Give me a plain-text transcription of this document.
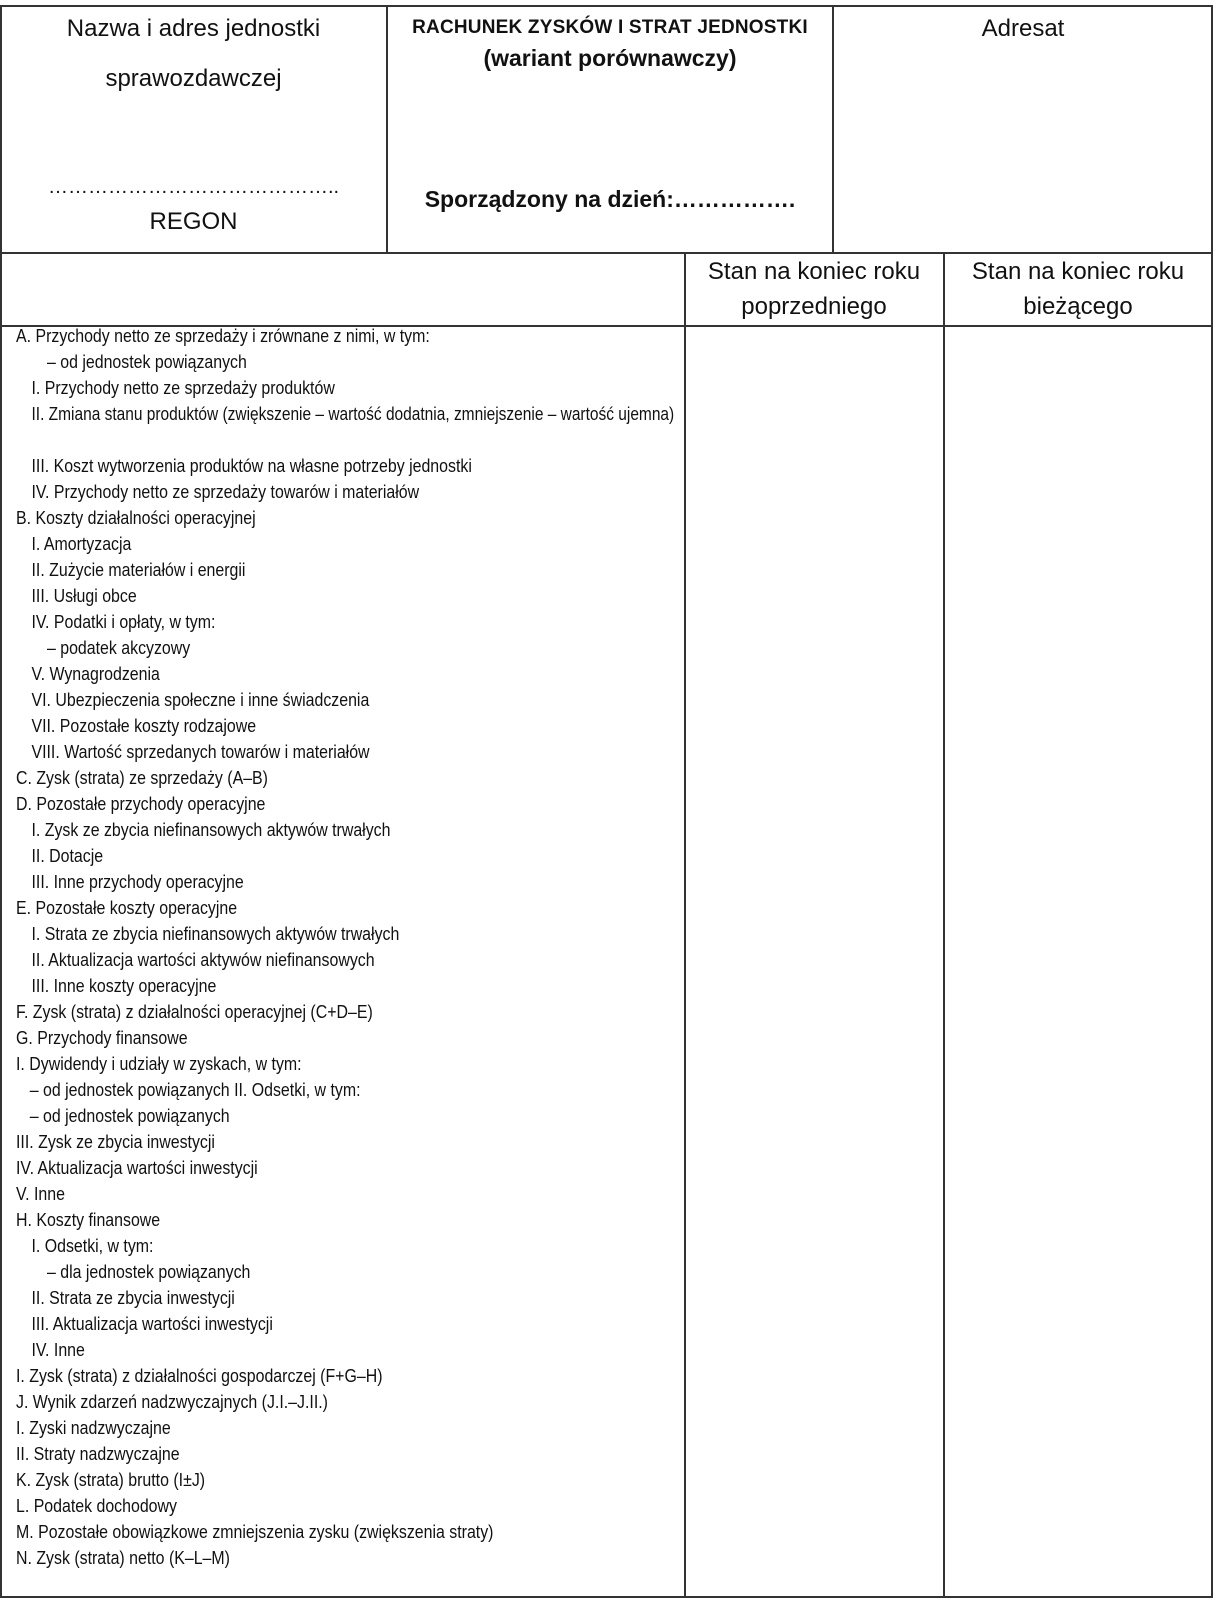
Nazwa i adres jednostki
sprawozdawczej
……………………………………..
REGON
RACHUNEK ZYSKÓW I STRAT JEDNOSTKI
(wariant porównawczy)
Sporządzony na dzień:…………….
Adresat
Stan na koniec roku
poprzedniego
Stan na koniec roku
bieżącego
A. Przychody netto ze sprzedaży i zrównane z nimi, w tym:
– od jednostek powiązanych
I. Przychody netto ze sprzedaży produktów
II. Zmiana stanu produktów (zwiększenie – wartość dodatnia, zmniejszenie – wartość ujemna)
III. Koszt wytworzenia produktów na własne potrzeby jednostki
IV. Przychody netto ze sprzedaży towarów i materiałów
B. Koszty działalności operacyjnej
I. Amortyzacja
II. Zużycie materiałów i energii
III. Usługi obce
IV. Podatki i opłaty, w tym:
– podatek akcyzowy
V. Wynagrodzenia
VI. Ubezpieczenia społeczne i inne świadczenia
VII. Pozostałe koszty rodzajowe
VIII. Wartość sprzedanych towarów i materiałów
C. Zysk (strata) ze sprzedaży (A–B)
D. Pozostałe przychody operacyjne
I. Zysk ze zbycia niefinansowych aktywów trwałych
II. Dotacje
III. Inne przychody operacyjne
E. Pozostałe koszty operacyjne
I. Strata ze zbycia niefinansowych aktywów trwałych
II. Aktualizacja wartości aktywów niefinansowych
III. Inne koszty operacyjne
F. Zysk (strata) z działalności operacyjnej (C+D–E)
G. Przychody finansowe
I. Dywidendy i udziały w zyskach, w tym:
– od jednostek powiązanych II. Odsetki, w tym:
– od jednostek powiązanych
III. Zysk ze zbycia inwestycji
IV. Aktualizacja wartości inwestycji
V. Inne
H. Koszty finansowe
I. Odsetki, w tym:
– dla jednostek powiązanych
II. Strata ze zbycia inwestycji
III. Aktualizacja wartości inwestycji
IV. Inne
I. Zysk (strata) z działalności gospodarczej (F+G–H)
J. Wynik zdarzeń nadzwyczajnych (J.I.–J.II.)
I. Zyski nadzwyczajne
II. Straty nadzwyczajne
K. Zysk (strata) brutto (I±J)
L. Podatek dochodowy
M. Pozostałe obowiązkowe zmniejszenia zysku (zwiększenia straty)
N. Zysk (strata) netto (K–L–M)
